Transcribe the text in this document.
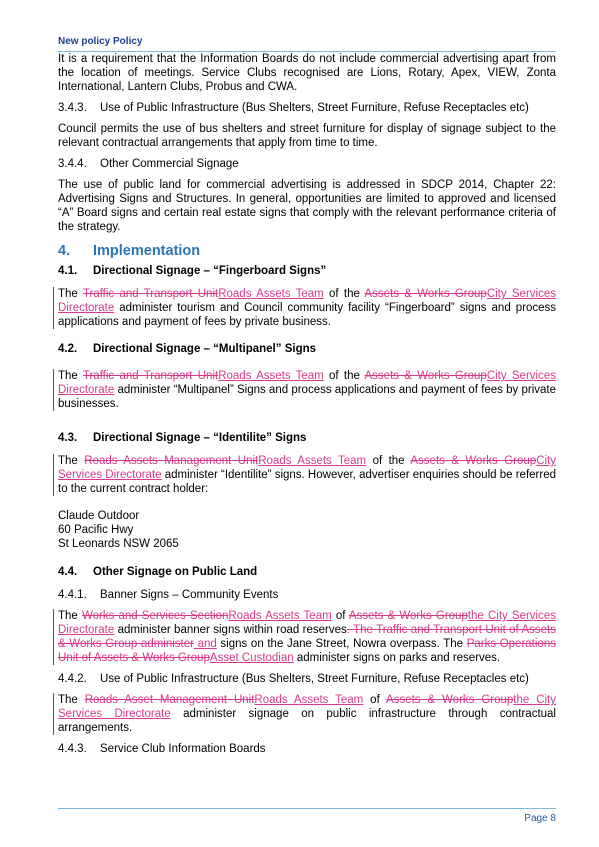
New policy Policy

It is a requirement that the Information Boards do not include commercial advertising apart from the location of meetings. Service Clubs recognised are Lions, Rotary, Apex, VIEW, Zonta International, Lantern Clubs, Probus and CWA.

3.4.3. Use of Public Infrastructure (Bus Shelters, Street Furniture, Refuse Receptacles etc)

Council permits the use of bus shelters and street furniture for display of signage subject to the relevant contractual arrangements that apply from time to time.

3.4.4. Other Commercial Signage

The use of public land for commercial advertising is addressed in SDCP 2014, Chapter 22: Advertising Signs and Structures. In general, opportunities are limited to approved and licensed “A” Board signs and certain real estate signs that comply with the relevant performance criteria of the strategy.

4. Implementation
4.1. Directional Signage – “Fingerboard Signs”

The Traffic and Transport UnitRoads Assets Team of the Assets & Works GroupCity Services Directorate administer tourism and Council community facility “Fingerboard” signs and process applications and payment of fees by private business.

4.2. Directional Signage – “Multipanel” Signs

The Traffic and Transport UnitRoads Assets Team of the Assets & Works GroupCity Services Directorate administer “Multipanel” Signs and process applications and payment of fees by private businesses.

4.3. Directional Signage – “Identilite” Signs

The Roads Assets Management UnitRoads Assets Team of the Assets & Works GroupCity Services Directorate administer “Identilite” signs. However, advertiser enquiries should be referred to the current contract holder:

Claude Outdoor
60 Pacific Hwy
St Leonards NSW 2065
4.4. Other Signage on Public Land

4.4.1. Banner Signs – Community Events

The Works and Services SectionRoads Assets Team of Assets & Works Groupthe City Services Directorate administer banner signs within road reserves. The Traffic and Transport Unit of Assets & Works Group administer and signs on the Jane Street, Nowra overpass. The Parks Operations Unit of Assets & Works GroupAsset Custodian administer signs on parks and reserves.

4.4.2. Use of Public Infrastructure (Bus Shelters, Street Furniture, Refuse Receptacles etc)

The Roads Asset Management UnitRoads Assets Team of Assets & Works Groupthe City Services Directorate administer signage on public infrastructure through contractual arrangements.

4.4.3. Service Club Information Boards

Page 8
